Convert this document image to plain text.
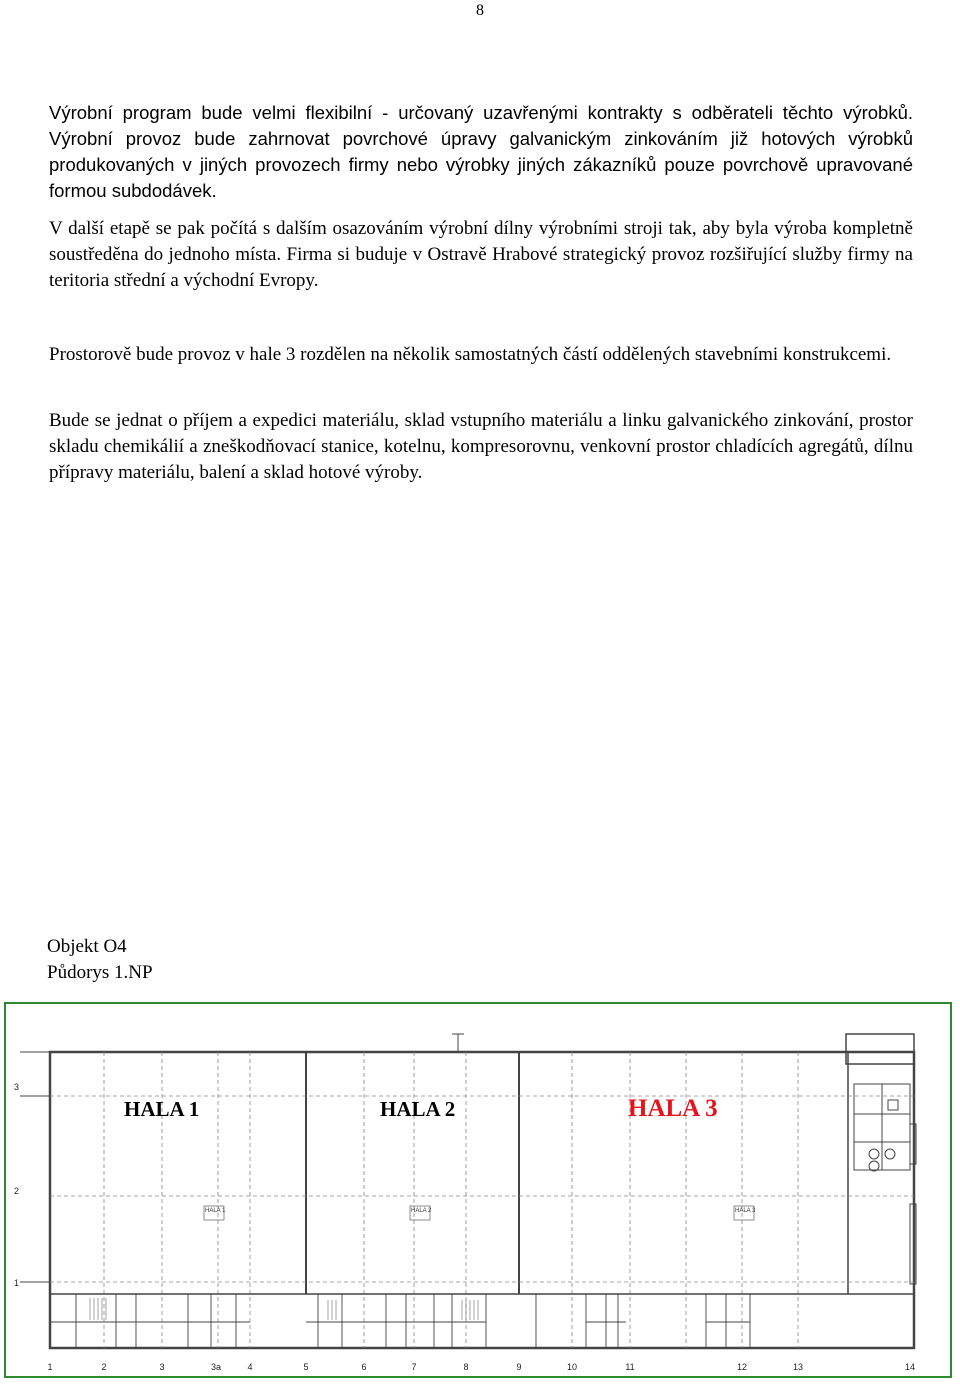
8

Výrobní program bude velmi flexibilní - určovaný uzavřenými kontrakty s odběrateli těchto výrobků. Výrobní provoz bude zahrnovat povrchové úpravy galvanickým zinkováním již hotových výrobků produkovaných v jiných provozech firmy nebo výrobky jiných zákazníků pouze povrchově upravované formou subdodávek.

V další etapě se pak počítá s dalším osazováním výrobní dílny výrobními stroji tak, aby byla výroba kompletně soustředěna do jednoho místa. Firma si buduje v Ostravě Hrabové strategický provoz rozšiřující služby firmy na teritoria střední a východní Evropy.

Prostorově bude provoz v hale 3 rozdělen na několik samostatných částí oddělených stavebními konstrukcemi.

Bude se jednat o příjem a expedici materiálu, sklad vstupního materiálu a linku galvanického zinkování, prostor skladu chemikálií a zneškodňovací stanice, kotelnu, kompresorovnu, venkovní prostor chladících agregátů, dílnu přípravy materiálu, balení a sklad hotové výroby.

Objekt O4
Půdorys 1.NP
HALA 1	HALA 2	HALA 3
1	2	3	3a	4	5	6	7	8	9	10	11	12	13	14
3
2
1
HALA 1	HALA 2	HALA 3
